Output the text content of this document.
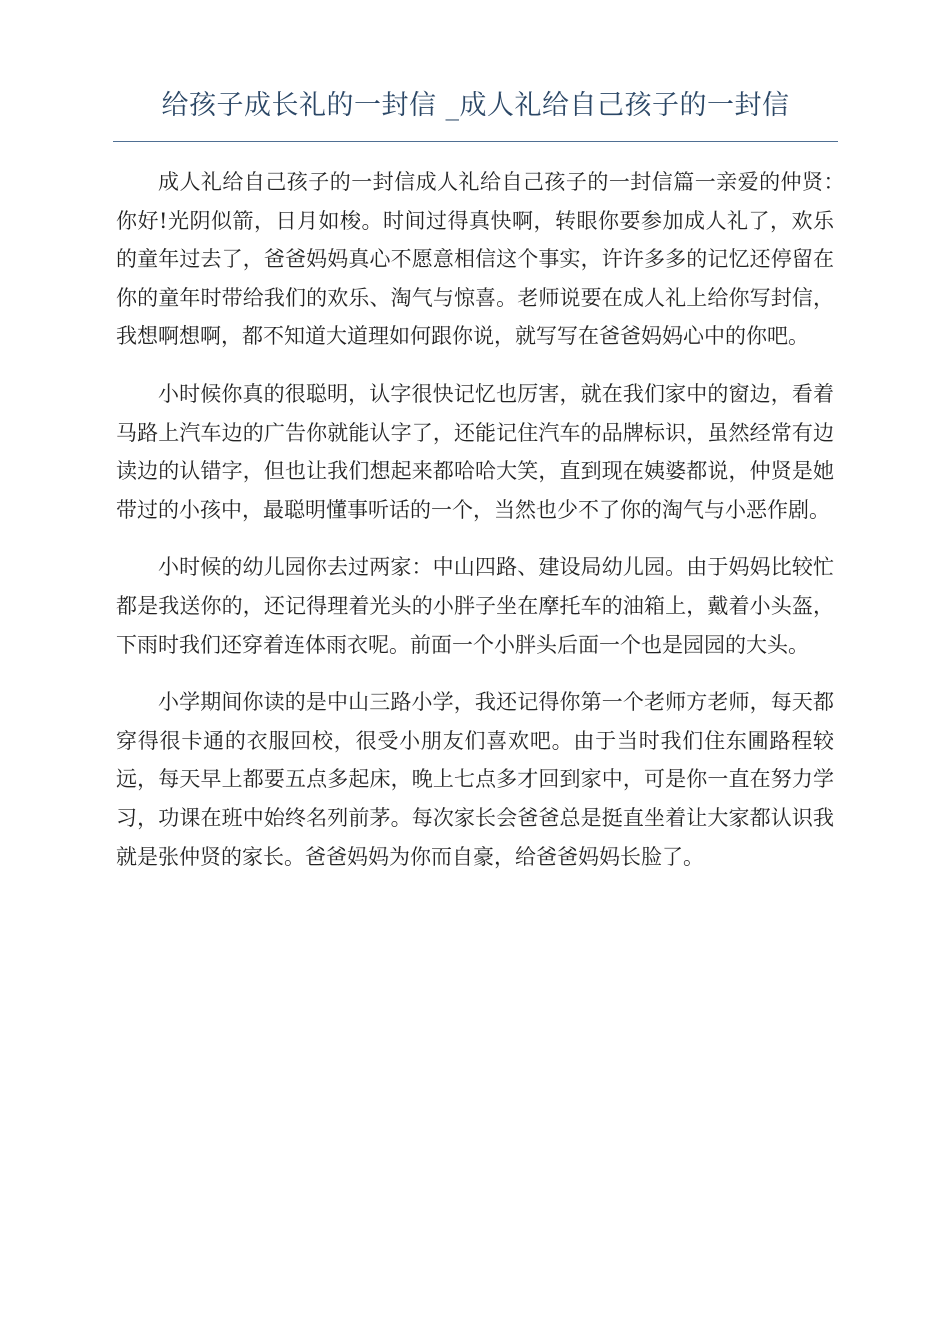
给孩子成长礼的一封信 _成人礼给自己孩子的一封信

成人礼给自己孩子的一封信成人礼给自己孩子的一封信篇一亲爱的仲贤：　 你好!光阴似箭，日月如梭。时间过得真快啊，转眼你要参加成人礼了，欢乐的童年过去了，爸爸妈妈真心不愿意相信这个事实，许许多多的记忆还停留在你的童年时带给我们的欢乐、淘气与惊喜。老师说要在成人礼上给你写封信，我想啊想啊，都不知道大道理如何跟你说，就写写在爸爸妈妈心中的你吧。

小时候你真的很聪明，认字很快记忆也厉害，就在我们家中的窗边，看着马路上汽车边的广告你就能认字了，还能记住汽车的品牌标识，虽然经常有边读边的认错字，但也让我们想起来都哈哈大笑，直到现在姨婆都说，仲贤是她带过的小孩中，最聪明懂事听话的一个，当然也少不了你的淘气与小恶作剧。

小时候的幼儿园你去过两家：中山四路、建设局幼儿园。由于妈妈比较忙都是我送你的，还记得理着光头的小胖子坐在摩托车的油箱上，戴着小头盔，下雨时我们还穿着连体雨衣呢。前面一个小胖头后面一个也是园园的大头。

小学期间你读的是中山三路小学，我还记得你第一个老师方老师，每天都穿得很卡通的衣服回校，很受小朋友们喜欢吧。由于当时我们住东圃路程较远，每天早上都要五点多起床，晚上七点多才回到家中，可是你一直在努力学习，功课在班中始终名列前茅。每次家长会爸爸总是挺直坐着让大家都认识我就是张仲贤的家长。爸爸妈妈为你而自豪，给爸爸妈妈长脸了。
